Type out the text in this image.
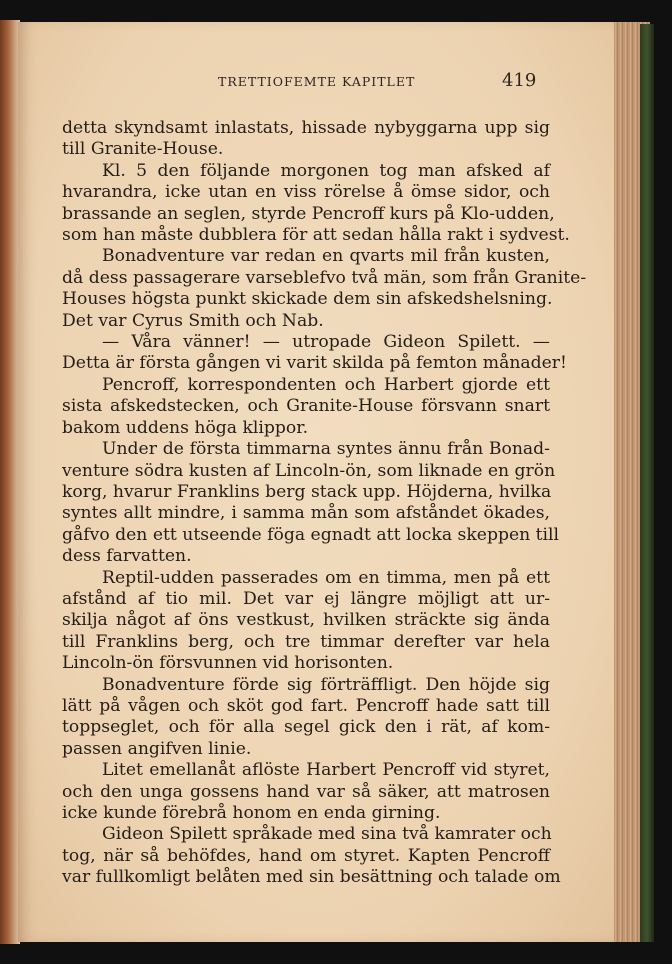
TRETTIOFEMTE KAPITLET	419
detta skyndsamt inlastats, hissade nybyggarna upp sig
till Granite-House.
Kl. 5 den följande morgonen tog man afsked af
hvarandra, icke utan en viss rörelse å ömse sidor, och
brassande an seglen, styrde Pencroff kurs på Klo-udden,
som han måste dubblera för att sedan hålla rakt i sydvest.
Bonadventure var redan en qvarts mil från kusten,
då dess passagerare varseblefvo två män, som från Granite-
Houses högsta punkt skickade dem sin afskedshelsning.
Det var Cyrus Smith och Nab.
— Våra vänner! — utropade Gideon Spilett. —
Detta är första gången vi varit skilda på femton månader!
Pencroff, korrespondenten och Harbert gjorde ett
sista afskedstecken, och Granite-House försvann snart
bakom uddens höga klippor.
Under de första timmarna syntes ännu från Bonad-
venture södra kusten af Lincoln-ön, som liknade en grön
korg, hvarur Franklins berg stack upp. Höjderna, hvilka
syntes allt mindre, i samma mån som afståndet ökades,
gåfvo den ett utseende föga egnadt att locka skeppen till
dess farvatten.
Reptil-udden passerades om en timma, men på ett
afstånd af tio mil. Det var ej längre möjligt att ur-
skilja något af öns vestkust, hvilken sträckte sig ända
till Franklins berg, och tre timmar derefter var hela
Lincoln-ön försvunnen vid horisonten.
Bonadventure förde sig förträffligt. Den höjde sig
lätt på vågen och sköt god fart. Pencroff hade satt till
toppseglet, och för alla segel gick den i rät, af kom-
passen angifven linie.
Litet emellanåt aflöste Harbert Pencroff vid styret,
och den unga gossens hand var så säker, att matrosen
icke kunde förebrå honom en enda girning.
Gideon Spilett språkade med sina två kamrater och
tog, när så behöfdes, hand om styret. Kapten Pencroff
var fullkomligt belåten med sin besättning och talade om
